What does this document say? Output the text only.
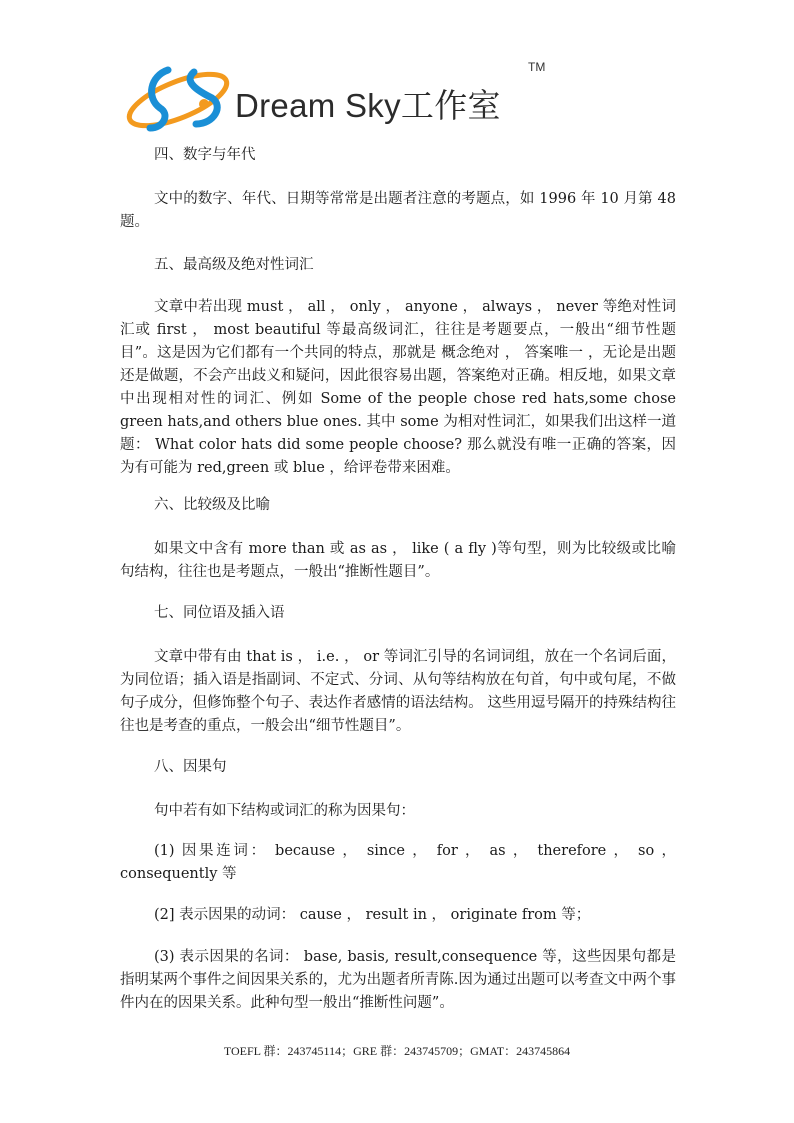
Dream Sky工作室
TM
四、数字与年代
文中的数字、年代、日期等常常是出题者注意的考题点，如 1996 年 10 月第 48 题。
五、最高级及绝对性词汇
文章中若出现 must ， all ， only ， anyone ， always ， never 等绝对性词汇或 first ， most beautiful 等最高级词汇，往往是考题要点，一般出“细节性题目”。这是因为它们都有一个共同的特点，那就是 概念绝对 ， 答案唯一 ，无论是出题还是做题，不会产出歧义和疑问，因此很容易出题，答案绝对正确。相反地，如果文章中出现相对性的词汇、例如 Some of the people chose red hats,some chose green hats,and others blue ones. 其中 some 为相对性词汇，如果我们出这样一道题： What color hats did some people choose? 那么就没有唯一正确的答案，因为有可能为 red,green 或 blue ，给评卷带来困难。
六、比较级及比喻
如果文中含有 more than 或 as as ， like ( a fly )等句型，则为比较级或比喻句结构，往往也是考题点，一般出“推断性题目”。
七、同位语及插入语
文章中带有由 that is ， i.e. ， or 等词汇引导的名词词组，放在一个名词后面，为同位语；插入语是指副词、不定式、分词、从句等结构放在句首，句中或句尾，不做句子成分，但修饰整个句子、表达作者感情的语法结构。 这些用逗号隔开的持殊结构往往也是考查的重点，一般会出“细节性题目”。
八、因果句
句中若有如下结构或词汇的称为因果句：
(1) 因果连词： because ， since ， for ， as ， therefore ， so ， consequently 等
(2] 表示因果的动词： cause ， result in ， originate from 等；
(3) 表示因果的名词： base, basis, result,consequence 等，这些因果句都是指明某两个事件之间因果关系的，尤为出题者所青陈.因为通过出题可以考查文中两个事件内在的因果关系。此种句型一般出“推断性问题”。
TOEFL 群：243745114；GRE 群：243745709；GMAT：243745864
